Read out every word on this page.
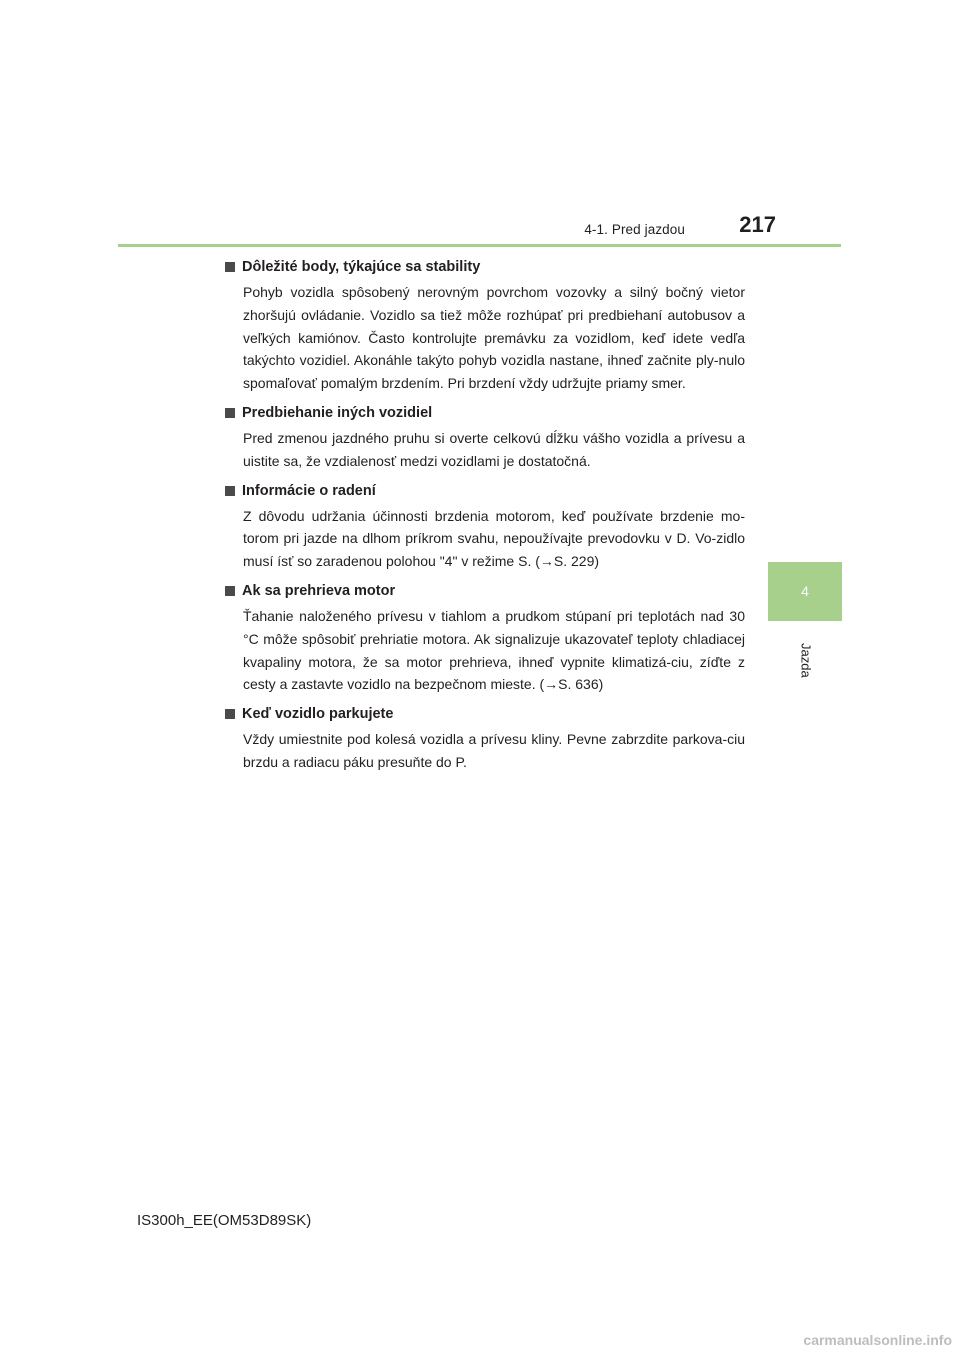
4-1. Pred jazdou	217
4
Jazda
Dôležité body, týkajúce sa stability
Pohyb vozidla spôsobený nerovným povrchom vozovky a silný bočný vietor zhoršujú ovládanie. Vozidlo sa tiež môže rozhúpať pri predbiehaní autobusov a veľkých kamiónov. Často kontrolujte premávku za vozidlom, keď idete vedľa takýchto vozidiel. Akonáhle takýto pohyb vozidla nastane, ihneď začnite ply-nulo spomaľovať pomalým brzdením. Pri brzdení vždy udržujte priamy smer.
Predbiehanie iných vozidiel
Pred zmenou jazdného pruhu si overte celkovú dĺžku vášho vozidla a prívesu a uistite sa, že vzdialenosť medzi vozidlami je dostatočná.
Informácie o radení
Z dôvodu udržania účinnosti brzdenia motorom, keď používate brzdenie mo-torom pri jazde na dlhom príkrom svahu, nepoužívajte prevodovku v D. Vo-zidlo musí ísť so zaradenou polohou "4" v režime S. (→S. 229)
Ak sa prehrieva motor
Ťahanie naloženého prívesu v tiahlom a prudkom stúpaní pri teplotách nad 30 °C môže spôsobiť prehriatie motora. Ak signalizuje ukazovateľ teploty chladiacej kvapaliny motora, že sa motor prehrieva, ihneď vypnite klimatizá-ciu, zíďte z cesty a zastavte vozidlo na bezpečnom mieste. (→S. 636)
Keď vozidlo parkujete
Vždy umiestnite pod kolesá vozidla a prívesu kliny. Pevne zabrzdite parkova-ciu brzdu a radiacu páku presuňte do P.
IS300h_EE(OM53D89SK)
carmanualsonline.info
